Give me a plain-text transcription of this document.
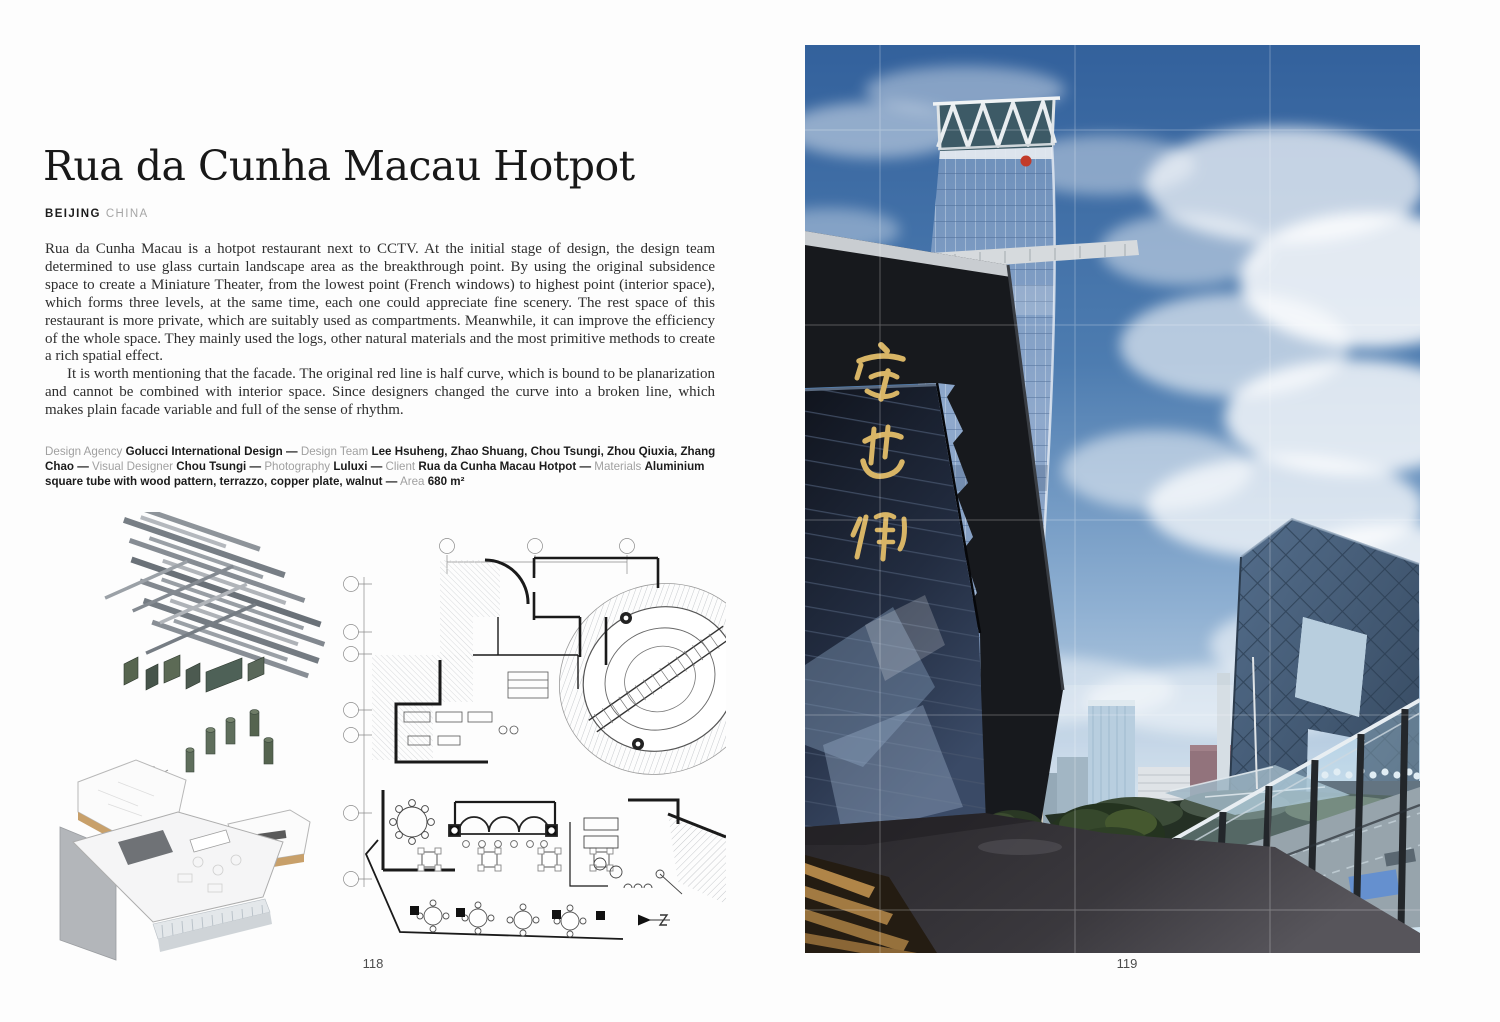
Rua da Cunha Macau Hotpot

BEIJING CHINA

Rua da Cunha Macau is a hotpot restaurant next to CCTV. At the initial stage of design, the design team determined to use glass curtain landscape area as the breakthrough point. By using the original subsidence space to create a Miniature Theater, from the lowest point (French windows) to highest point (interior space), which forms three levels, at the same time, each one could appreciate fine scenery. The rest space of this restaurant is more private, which are suitably used as compartments. Meanwhile, it can improve the efficiency of the whole space. They mainly used the logs, other natural materials and the most primitive methods to create a rich spatial effect.

It is worth mentioning that the facade. The original red line is half curve, which is bound to be planarization and cannot be combined with interior space. Since designers changed the curve into a broken line, which makes plain facade variable and full of the sense of rhythm.

Design Agency Golucci International Design — Design Team Lee Hsuheng, Zhao Shuang, Chou Tsungi, Zhou Qiuxia, Zhang Chao — Visual Designer Chou Tsungi — Photography Luluxi — Client Rua da Cunha Macau Hotpot — Materials Aluminium square tube with wood pattern, terrazzo, copper plate, walnut — Area 680 m²

118	119
